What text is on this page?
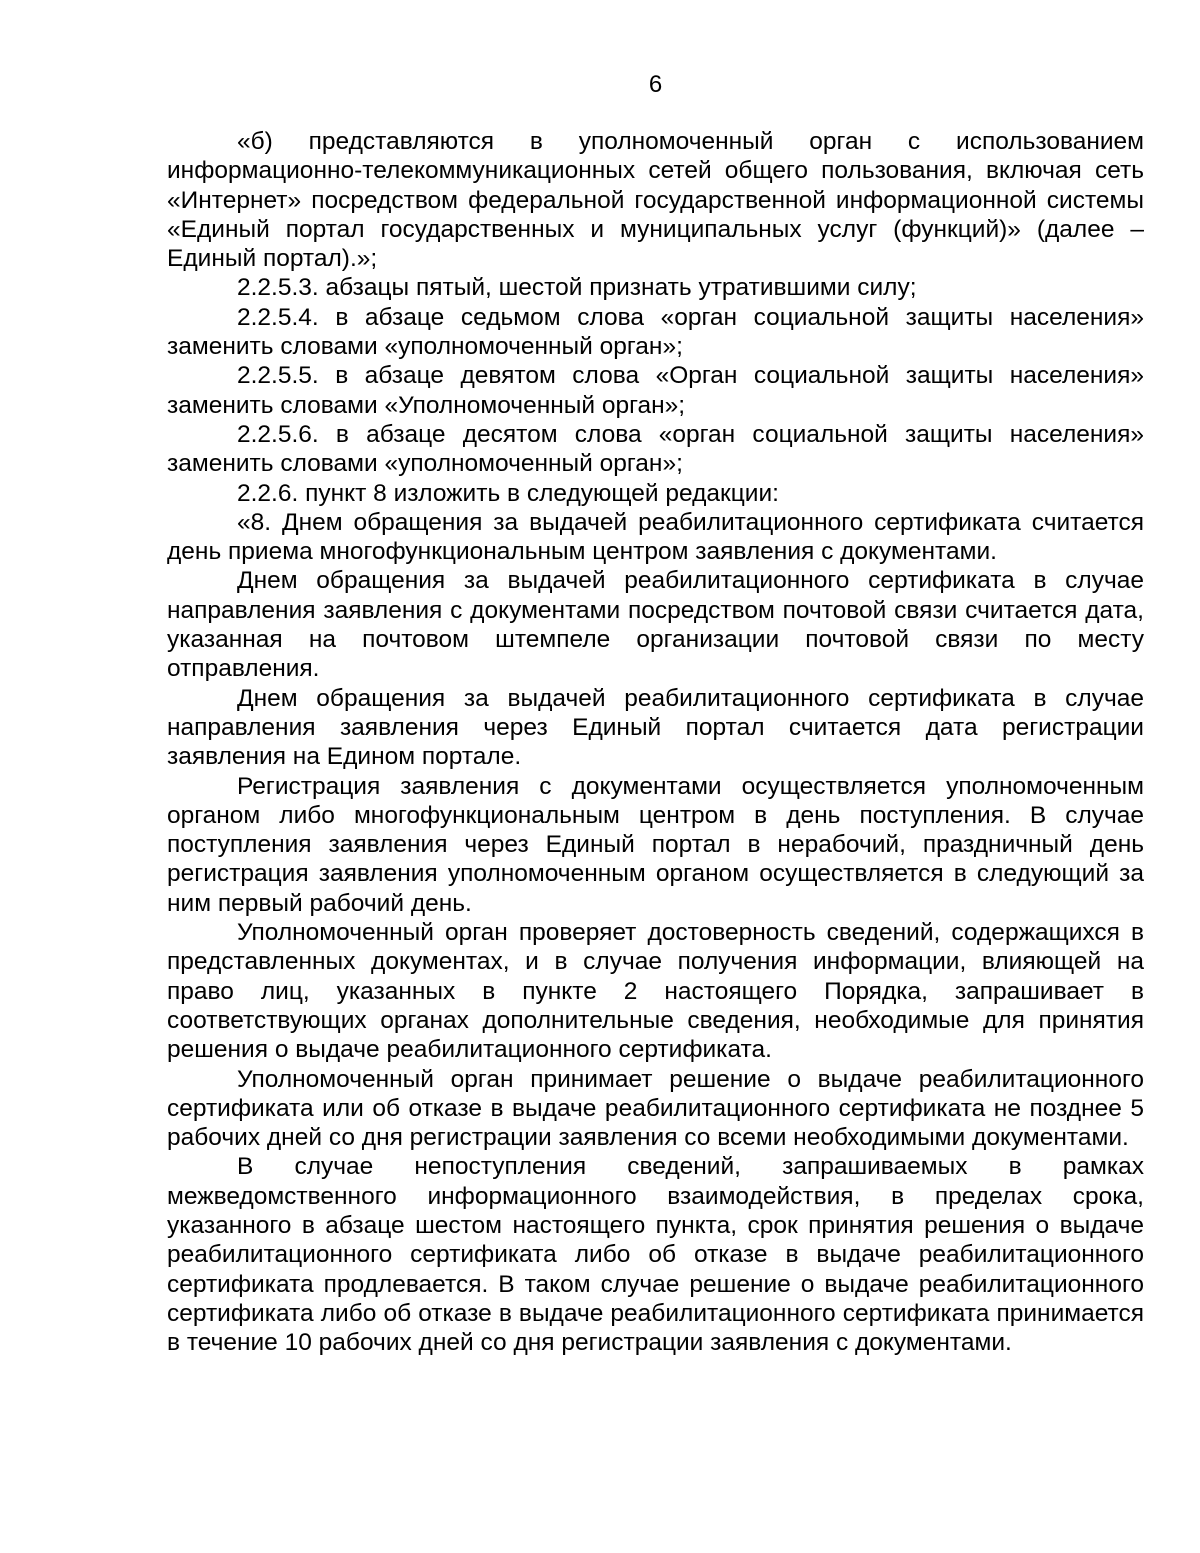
6

«б) представляются в уполномоченный орган с использованием информационно-телекоммуникационных сетей общего пользования, включая сеть «Интернет» посредством федеральной государственной информационной системы «Единый портал государственных и муниципальных услуг (функций)» (далее – Единый портал).»;

2.2.5.3. абзацы пятый, шестой признать утратившими силу;

2.2.5.4. в абзаце седьмом слова «орган социальной защиты населения» заменить словами «уполномоченный орган»;

2.2.5.5. в абзаце девятом слова «Орган социальной защиты населения» заменить словами «Уполномоченный орган»;

2.2.5.6. в абзаце десятом слова «орган социальной защиты населения» заменить словами «уполномоченный орган»;

2.2.6. пункт 8 изложить в следующей редакции:

«8. Днем обращения за выдачей реабилитационного сертификата считается день приема многофункциональным центром заявления с документами.

Днем обращения за выдачей реабилитационного сертификата в случае направления заявления с документами посредством почтовой связи считается дата, указанная на почтовом штемпеле организации почтовой связи по месту отправления.

Днем обращения за выдачей реабилитационного сертификата в случае направления заявления через Единый портал считается дата регистрации заявления на Едином портале.

Регистрация заявления с документами осуществляется уполномоченным органом либо многофункциональным центром в день поступления. В случае поступления заявления через Единый портал в нерабочий, праздничный день регистрация заявления уполномоченным органом осуществляется в следующий за ним первый рабочий день.

Уполномоченный орган проверяет достоверность сведений, содержащихся в представленных документах, и в случае получения информации, влияющей на право лиц, указанных в пункте 2 настоящего Порядка, запрашивает в соответствующих органах дополнительные сведения, необходимые для принятия решения о выдаче реабилитационного сертификата.

Уполномоченный орган принимает решение о выдаче реабилитационного сертификата или об отказе в выдаче реабилитационного сертификата не позднее 5 рабочих дней со дня регистрации заявления со всеми необходимыми документами.

В случае непоступления сведений, запрашиваемых в рамках межведомственного информационного взаимодействия, в пределах срока, указанного в абзаце шестом настоящего пункта, срок принятия решения о выдаче реабилитационного сертификата либо об отказе в выдаче реабилитационного сертификата продлевается. В таком случае решение о выдаче реабилитационного сертификата либо об отказе в выдаче реабилитационного сертификата принимается в течение 10 рабочих дней со дня регистрации заявления с документами.
